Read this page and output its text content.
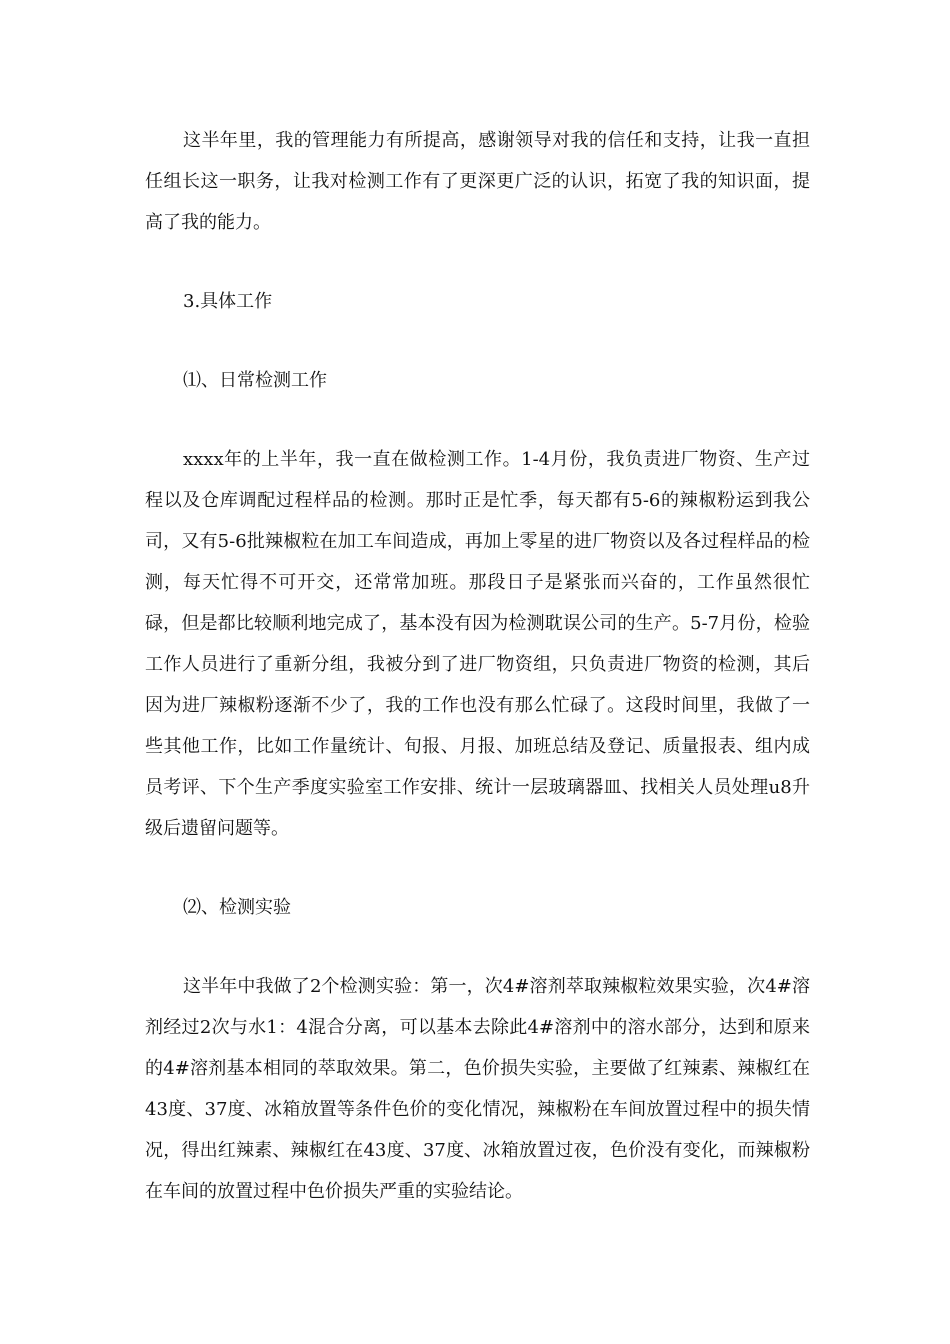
这半年里，我的管理能力有所提高，感谢领导对我的信任和支持，让我一直担任组长这一职务，让我对检测工作有了更深更广泛的认识，拓宽了我的知识面，提高了我的能力。

3.具体工作

⑴、日常检测工作

xxxx年的上半年，我一直在做检测工作。1-4月份，我负责进厂物资、生产过程以及仓库调配过程样品的检测。那时正是忙季，每天都有5-6的辣椒粉运到我公司，又有5-6批辣椒粒在加工车间造成，再加上零星的进厂物资以及各过程样品的检测，每天忙得不可开交，还常常加班。那段日子是紧张而兴奋的，工作虽然很忙碌，但是都比较顺利地完成了，基本没有因为检测耽误公司的生产。5-7月份，检验工作人员进行了重新分组，我被分到了进厂物资组，只负责进厂物资的检测，其后因为进厂辣椒粉逐渐不少了，我的工作也没有那么忙碌了。这段时间里，我做了一些其他工作，比如工作量统计、旬报、月报、加班总结及登记、质量报表、组内成员考评、下个生产季度实验室工作安排、统计一层玻璃器皿、找相关人员处理u8升级后遗留问题等。

⑵、检测实验

这半年中我做了2个检测实验：第一，次4#溶剂萃取辣椒粒效果实验，次4#溶剂经过2次与水1：4混合分离，可以基本去除此4#溶剂中的溶水部分，达到和原来的4#溶剂基本相同的萃取效果。第二，色价损失实验，主要做了红辣素、辣椒红在43度、37度、冰箱放置等条件色价的变化情况，辣椒粉在车间放置过程中的损失情况，得出红辣素、辣椒红在43度、37度、冰箱放置过夜，色价没有变化，而辣椒粉在车间的放置过程中色价损失严重的实验结论。
